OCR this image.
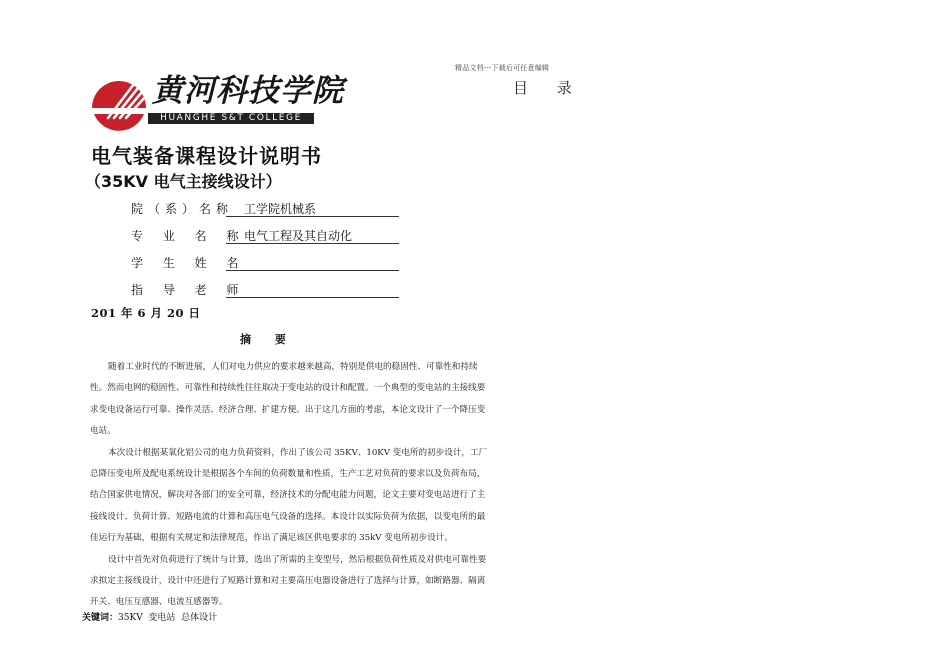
精品文档---下载后可任意编辑
目 录
黄河科技学院
HUANGHE S&T COLLEGE
电气装备课程设计说明书
（35KV 电气主接线设计）
院（系）名称 工学院机械系
专 业 名 称
电气工程及其自动化
学 生 姓 名
指 导 老 师
201 年 6 月 20 日
摘 要

随着工业时代的不断进展，人们对电力供应的要求越来越高，特别是供电的稳固性、可靠性和持续性。然而电网的稳固性、可靠性和持续性往往取决于变电站的设计和配置。一个典型的变电站的主接线要求变电设备运行可靠、操作灵活、经济合理、扩建方便。出于这几方面的考虑，本论文设计了一个降压变电站。

本次设计根据某氧化铝公司的电力负荷资料，作出了该公司 35KV、10KV 变电所的初步设计，工厂总降压变电所及配电系统设计是根据各个车间的负荷数量和性质，生产工艺对负荷的要求以及负荷布局，结合国家供电情况，解决对各部门的安全可靠，经济技术的分配电能力问题，论文主要对变电站进行了主接线设计、负荷计算、短路电流的计算和高压电气设备的选择。本设计以实际负荷为依据，以变电所的最佳运行为基础，根据有关规定和法律规范，作出了满足该区供电要求的 35kV 变电所初步设计。

设计中首先对负荷进行了统计与计算，选出了所需的主变型号，然后根据负荷性质及对供电可靠性要求拟定主接线设计，设计中还进行了短路计算和对主要高压电器设备进行了选择与计算，如断路器、隔离开关、电压互感器、电流互感器等。

关键词：35KV  变电站  总体设计
